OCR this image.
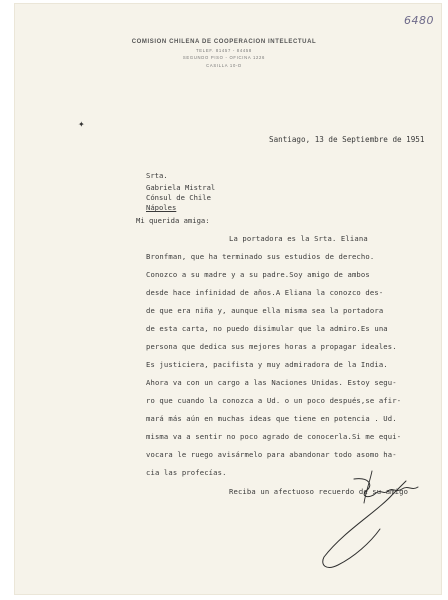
6480
COMISION CHILENA DE COOPERACION INTELECTUAL
TELEF. 81457 - 84458
SEGUNDO PISO - OFICINA 1226
CASILLA 10-D
✦
Santiago, 13 de Septiembre de 1951
Srta.
Gabriela Mistral
Cónsul de Chile
Nápoles
Mi querida amiga:
La portadora es la Srta. Eliana
Bronfman, que ha terminado sus estudios de derecho.
Conozco a su madre y a su padre.Soy amigo de ambos
desde hace infinidad de años.A Eliana la conozco des-
de que era niña y, aunque ella misma sea la portadora
de esta carta, no puedo disimular que la admiro.Es una
persona que dedica sus mejores horas a propagar ideales.
Es justiciera, pacifista y muy admiradora de la India.
Ahora va con un cargo a las Naciones Unidas. Estoy segu-
ro que cuando la conozca a Ud. o un poco después,se afir-
mará más aún en muchas ideas que tiene en potencia . Ud.
misma va a sentir no poco agrado de conocerla.Si me equi-
vocara le ruego avisármelo para abandonar todo asomo ha-
cia las profecías.
Reciba un afectuoso recuerdo de su amigo
